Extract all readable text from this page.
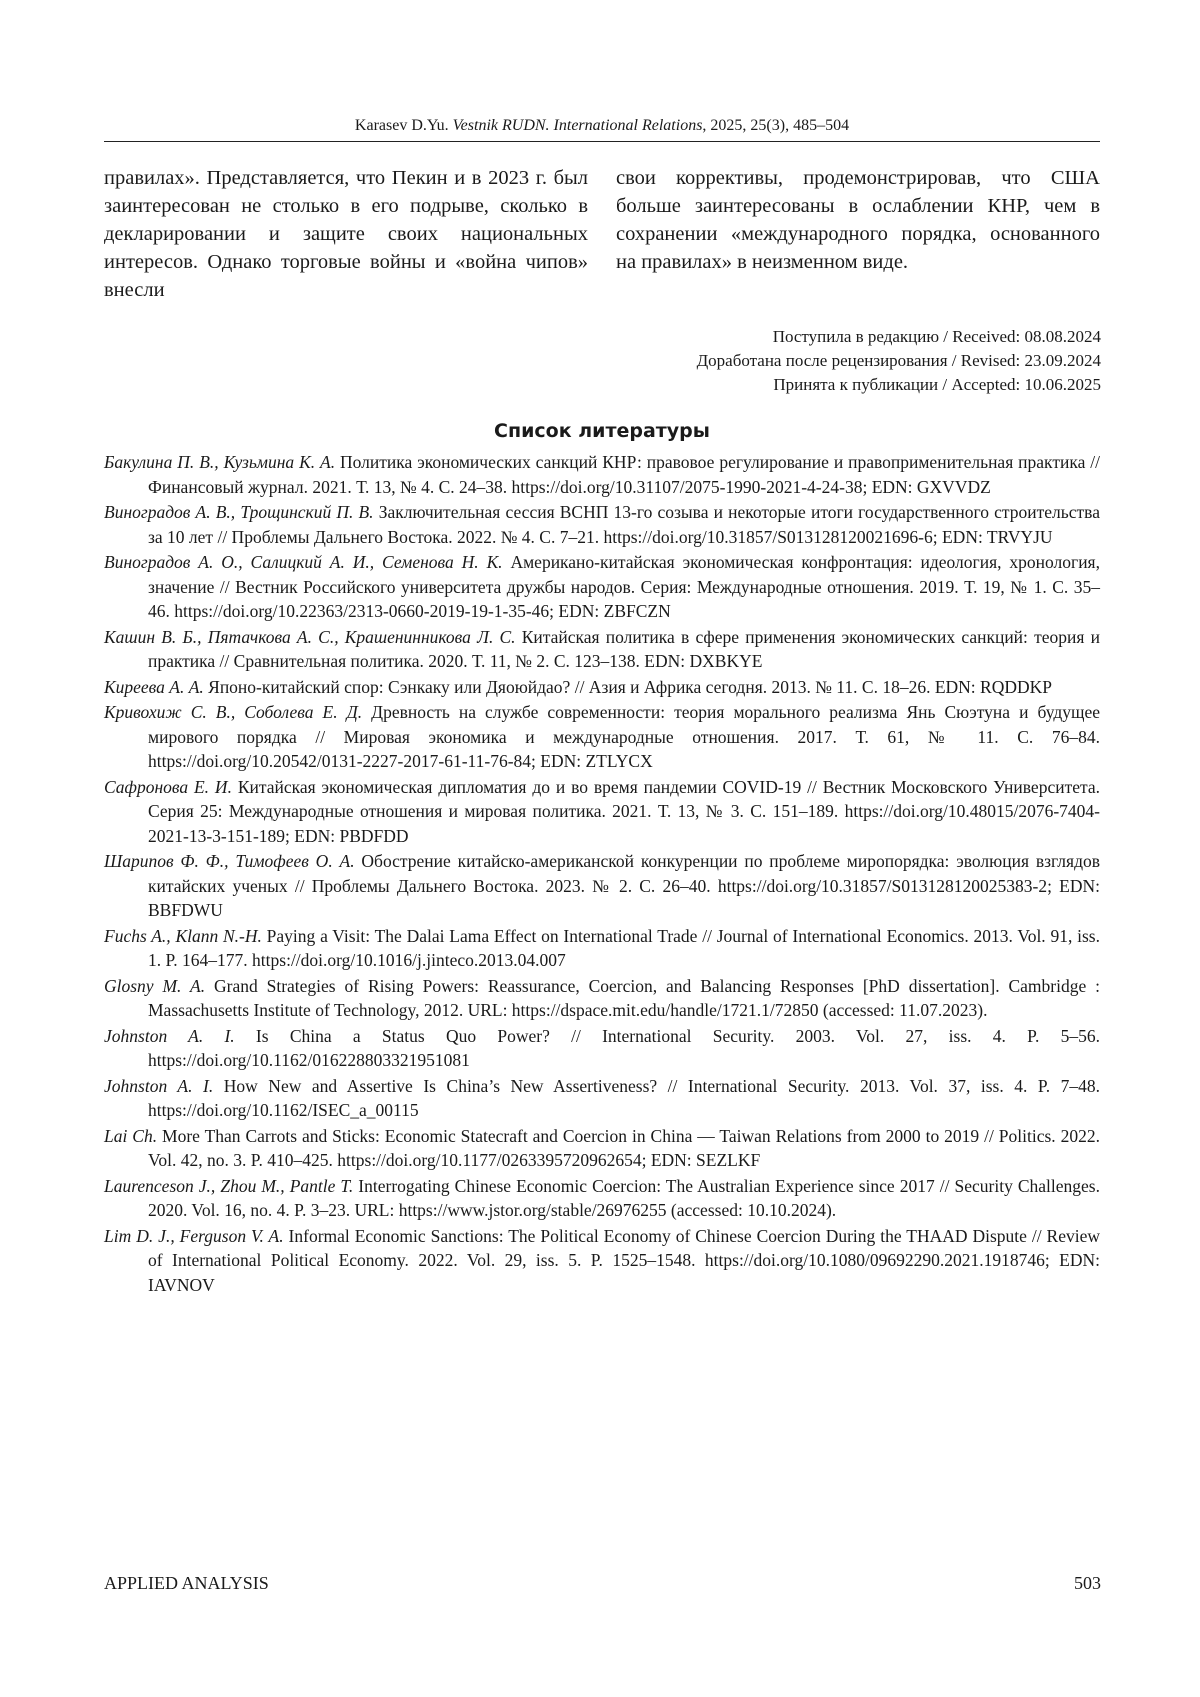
Karasev D.Yu. Vestnik RUDN. International Relations, 2025, 25(3), 485–504

правилах». Представляется, что Пекин и в 2023 г. был заинтересован не столько в его подрыве, сколько в декларировании и защите своих национальных интересов. Однако торговые войны и «война чипов» внесли

свои коррективы, продемонстрировав, что США больше заинтересованы в ослаблении КНР, чем в сохранении «международного порядка, основанного на правилах» в неизменном виде.

Поступила в редакцию / Received: 08.08.2024
Доработана после рецензирования / Revised: 23.09.2024
Принята к публикации / Accepted: 10.06.2025
Список литературы

Бакулина П. В., Кузьмина К. А. Политика экономических санкций КНР: правовое регулирование и правоприменительная практика // Финансовый журнал. 2021. Т. 13, № 4. С. 24–38. https://doi.org/10.31107/2075-1990-2021-4-24-38; EDN: GXVVDZ

Виноградов А. В., Трощинский П. В. Заключительная сессия ВСНП 13-го созыва и некоторые итоги государственного строительства за 10 лет // Проблемы Дальнего Востока. 2022. № 4. С. 7–21. https://doi.org/10.31857/S013128120021696-6; EDN: TRVYJU

Виноградов А. О., Салицкий А. И., Семенова Н. К. Американо-китайская экономическая конфронтация: идеология, хронология, значение // Вестник Российского университета дружбы народов. Серия: Международные отношения. 2019. Т. 19, № 1. С. 35–46. https://doi.org/10.22363/2313-0660-2019-19-1-35-46; EDN: ZBFCZN

Кашин В. Б., Пятачкова А. С., Крашенинникова Л. С. Китайская политика в сфере применения экономических санкций: теория и практика // Сравнительная политика. 2020. Т. 11, № 2. С. 123–138. EDN: DXBKYE

Киреева А. А. Японо-китайский спор: Сэнкаку или Дяоюйдао? // Азия и Африка сегодня. 2013. № 11. С. 18–26. EDN: RQDDKP

Кривохиж С. В., Соболева Е. Д. Древность на службе современности: теория морального реализма Янь Сюэтуна и будущее мирового порядка // Мировая экономика и международные отношения. 2017. Т. 61, № 11. С. 76–84. https://doi.org/10.20542/0131-2227-2017-61-11-76-84; EDN: ZTLYCX

Сафронова Е. И. Китайская экономическая дипломатия до и во время пандемии COVID-19 // Вестник Московского Университета. Серия 25: Международные отношения и мировая политика. 2021. Т. 13, № 3. С. 151–189. https://doi.org/10.48015/2076-7404-2021-13-3-151-189; EDN: PBDFDD

Шарипов Ф. Ф., Тимофеев О. А. Обострение китайско-американской конкуренции по проблеме миропорядка: эволюция взглядов китайских ученых // Проблемы Дальнего Востока. 2023. № 2. С. 26–40. https://doi.org/10.31857/S013128120025383-2; EDN: BBFDWU

Fuchs A., Klann N.-H. Paying a Visit: The Dalai Lama Effect on International Trade // Journal of International Economics. 2013. Vol. 91, iss. 1. P. 164–177. https://doi.org/10.1016/j.jinteco.2013.04.007

Glosny M. A. Grand Strategies of Rising Powers: Reassurance, Coercion, and Balancing Responses [PhD dissertation]. Cambridge : Massachusetts Institute of Technology, 2012. URL: https://dspace.mit.edu/handle/1721.1/72850 (accessed: 11.07.2023).

Johnston A. I. Is China a Status Quo Power? // International Security. 2003. Vol. 27, iss. 4. P. 5–56. https://doi.org/10.1162/016228803321951081

Johnston A. I. How New and Assertive Is China’s New Assertiveness? // International Security. 2013. Vol. 37, iss. 4. P. 7–48. https://doi.org/10.1162/ISEC_a_00115

Lai Ch. More Than Carrots and Sticks: Economic Statecraft and Coercion in China — Taiwan Relations from 2000 to 2019 // Politics. 2022. Vol. 42, no. 3. P. 410–425. https://doi.org/10.1177/0263395720962654; EDN: SEZLKF

Laurenceson J., Zhou M., Pantle T. Interrogating Chinese Economic Coercion: The Australian Experience since 2017 // Security Challenges. 2020. Vol. 16, no. 4. P. 3–23. URL: https://www.jstor.org/stable/26976255 (accessed: 10.10.2024).

Lim D. J., Ferguson V. A. Informal Economic Sanctions: The Political Economy of Chinese Coercion During the THAAD Dispute // Review of International Political Economy. 2022. Vol. 29, iss. 5. P. 1525–1548. https://doi.org/10.1080/09692290.2021.1918746; EDN: IAVNOV

APPLIED ANALYSIS	503
